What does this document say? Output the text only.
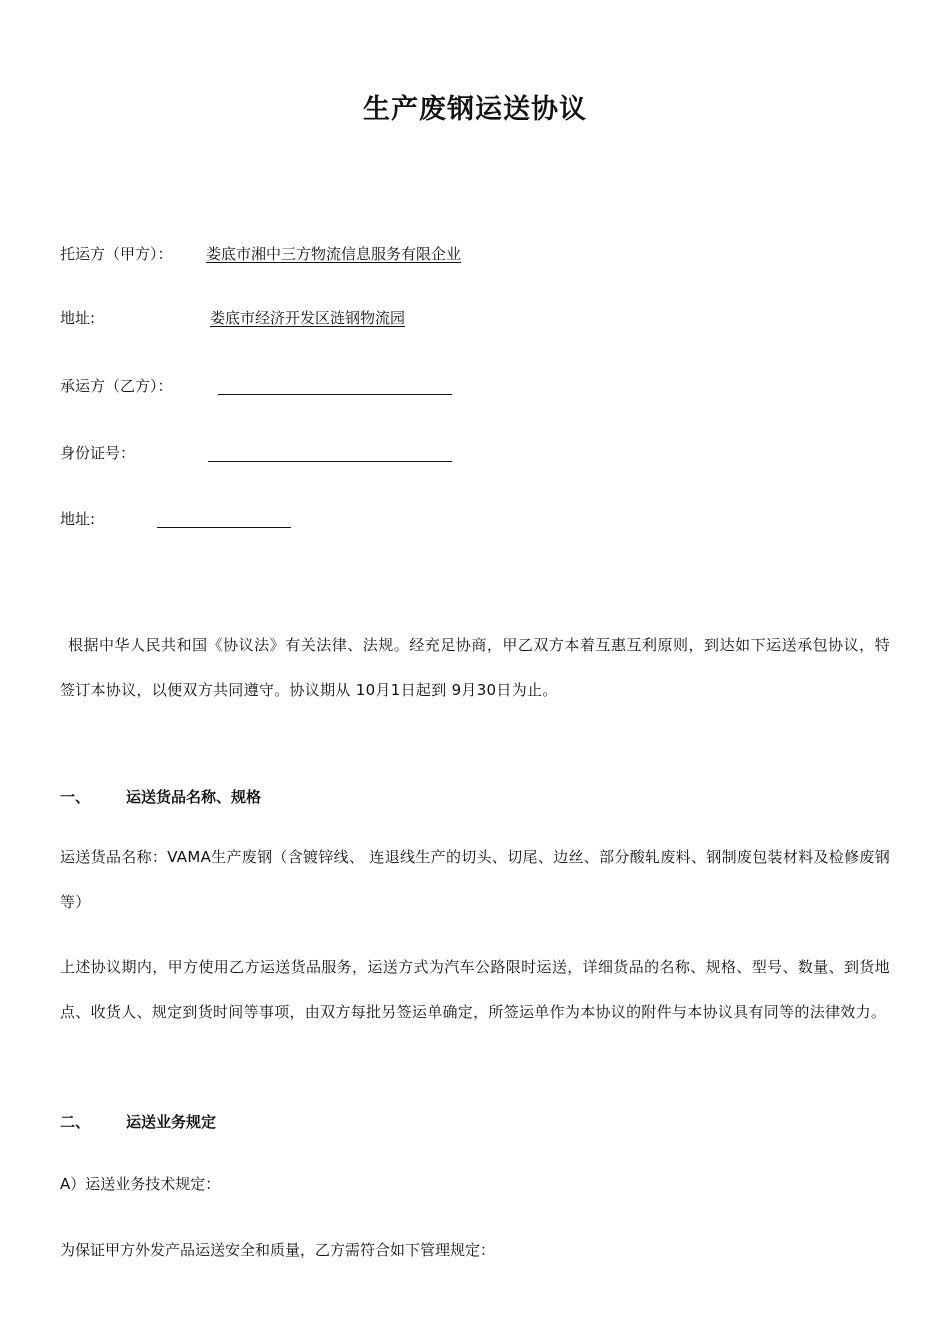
生产废钢运送协议
托运方（甲方）： 娄底市湘中三方物流信息服务有限企业
地址:	娄底市经济开发区涟钢物流园
承运方（乙方）：
身份证号：
地址:
根据中华人民共和国《协议法》有关法律、法规。经充足协商，甲乙双方本着互惠互利原则，到达如下运送承包协议，特签订本协议，以便双方共同遵守。协议期从 10月1日起到 9月30日为止。
一、 运送货品名称、规格
运送货品名称：VAMA生产废钢（含镀锌线、 连退线生产的切头、切尾、边丝、部分酸轧废料、钢制废包装材料及检修废钢等）
上述协议期内，甲方使用乙方运送货品服务，运送方式为汽车公路限时运送，详细货品的名称、规格、型号、数量、到货地点、收货人、规定到货时间等事项，由双方每批另签运单确定，所签运单作为本协议的附件与本协议具有同等的法律效力。
二、 运送业务规定
A）运送业务技术规定：
为保证甲方外发产品运送安全和质量，乙方需符合如下管理规定：
